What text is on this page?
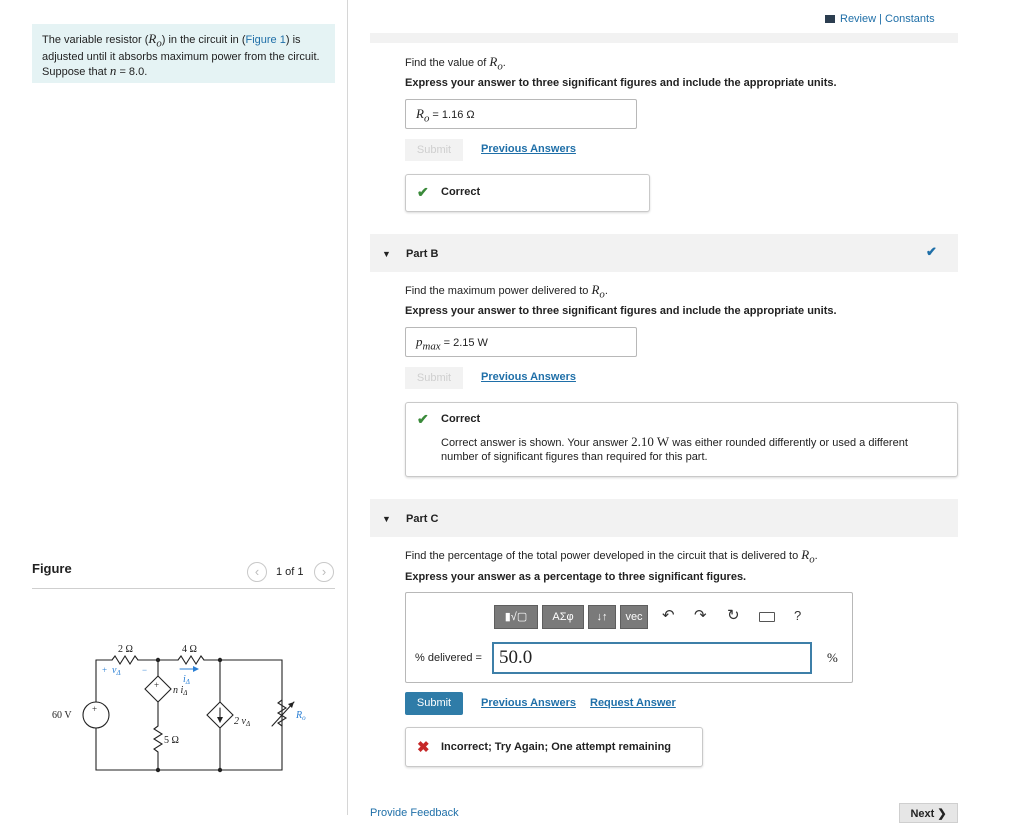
The variable resistor $(R_o)$ in the circuit in (Figure 1) is adjusted until it absorbs maximum power from the circuit. Suppose that n = 8.0.
Figure	‹	1 of 1	›
2 Ω	4 Ω
5 Ω
60 V
+
+
+	−
$v_\Delta$
$i_\Delta$
n $i_\Delta$
2 $v_\Delta$
$R_o$
Review | Constants
Find the value of $R_o$.
Express your answer to three significant figures and include the appropriate units.
$R_o = 1.16$ Ω
Submit	Previous Answers
✔ Correct
▼ Part B	✔
Find the maximum power delivered to $R_o$.
Express your answer to three significant figures and include the appropriate units.
$p_{max} = 2.15$ W
Submit	Previous Answers
✔ Correct
Correct answer is shown. Your answer 2.10 W was either rounded differently or used a different number of significant figures than required for this part.
▼ Part C
Find the percentage of the total power developed in the circuit that is delivered to $R_o$.
Express your answer as a percentage to three significant figures.
▮√▢	ΑΣφ	↓↑	vec	↶ ↷ ↻	?
% delivered = 50.0	%
Submit	Previous Answers Request Answer
✖ Incorrect; Try Again; One attempt remaining
Provide Feedback	Next ❯
